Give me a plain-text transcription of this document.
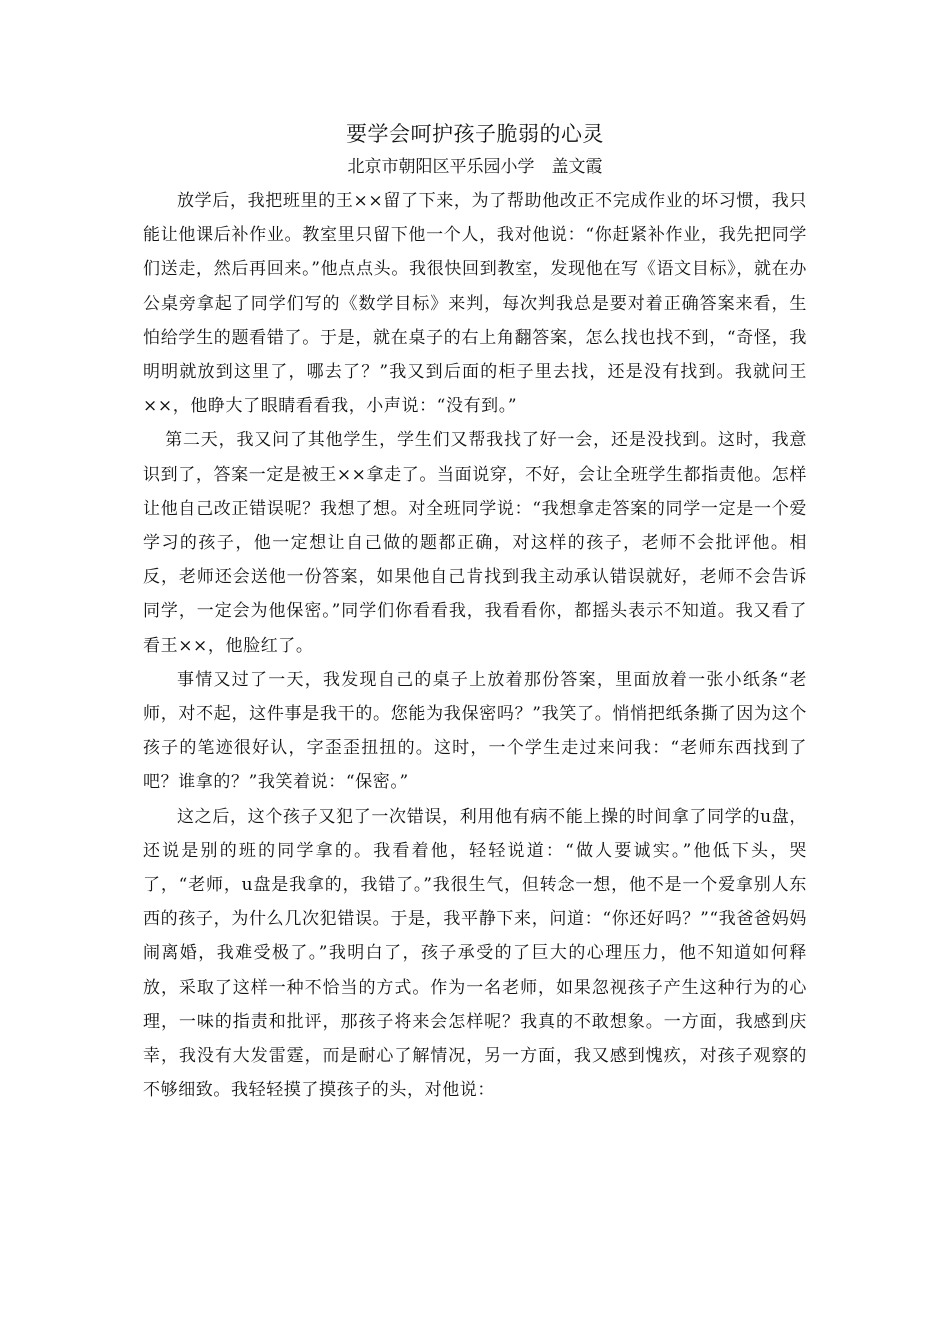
要学会呵护孩子脆弱的心灵
北京市朝阳区平乐园小学　盖文霞

放学后，我把班里的王××留了下来，为了帮助他改正不完成作业的坏习惯，我只能让他课后补作业。教室里只留下他一个人，我对他说：“你赶紧补作业，我先把同学们送走，然后再回来。”他点点头。我很快回到教室，发现他在写《语文目标》，就在办公桌旁拿起了同学们写的《数学目标》来判，每次判我总是要对着正确答案来看，生怕给学生的题看错了。于是，就在桌子的右上角翻答案，怎么找也找不到，“奇怪，我明明就放到这里了，哪去了？”我又到后面的柜子里去找，还是没有找到。我就问王××，他睁大了眼睛看看我，小声说：“没有到。”

第二天，我又问了其他学生，学生们又帮我找了好一会，还是没找到。这时，我意识到了，答案一定是被王××拿走了。当面说穿，不好，会让全班学生都指责他。怎样让他自己改正错误呢？我想了想。对全班同学说：“我想拿走答案的同学一定是一个爱学习的孩子，他一定想让自己做的题都正确，对这样的孩子，老师不会批评他。相反，老师还会送他一份答案，如果他自己肯找到我主动承认错误就好，老师不会告诉同学，一定会为他保密。”同学们你看看我，我看看你，都摇头表示不知道。我又看了看王××，他脸红了。

事情又过了一天，我发现自己的桌子上放着那份答案，里面放着一张小纸条“老师，对不起，这件事是我干的。您能为我保密吗？”我笑了。悄悄把纸条撕了因为这个孩子的笔迹很好认，字歪歪扭扭的。这时，一个学生走过来问我：“老师东西找到了吧？谁拿的？”我笑着说：“保密。”

这之后，这个孩子又犯了一次错误，利用他有病不能上操的时间拿了同学的u盘，还说是别的班的同学拿的。我看着他，轻轻说道：“做人要诚实。”他低下头，哭了，“老师，u盘是我拿的，我错了。”我很生气，但转念一想，他不是一个爱拿别人东西的孩子，为什么几次犯错误。于是，我平静下来，问道：“你还好吗？”“我爸爸妈妈闹离婚，我难受极了。”我明白了，孩子承受的了巨大的心理压力，他不知道如何释放，采取了这样一种不恰当的方式。作为一名老师，如果忽视孩子产生这种行为的心理，一味的指责和批评，那孩子将来会怎样呢？我真的不敢想象。一方面，我感到庆幸，我没有大发雷霆，而是耐心了解情况，另一方面，我又感到愧疚，对孩子观察的不够细致。我轻轻摸了摸孩子的头，对他说：
